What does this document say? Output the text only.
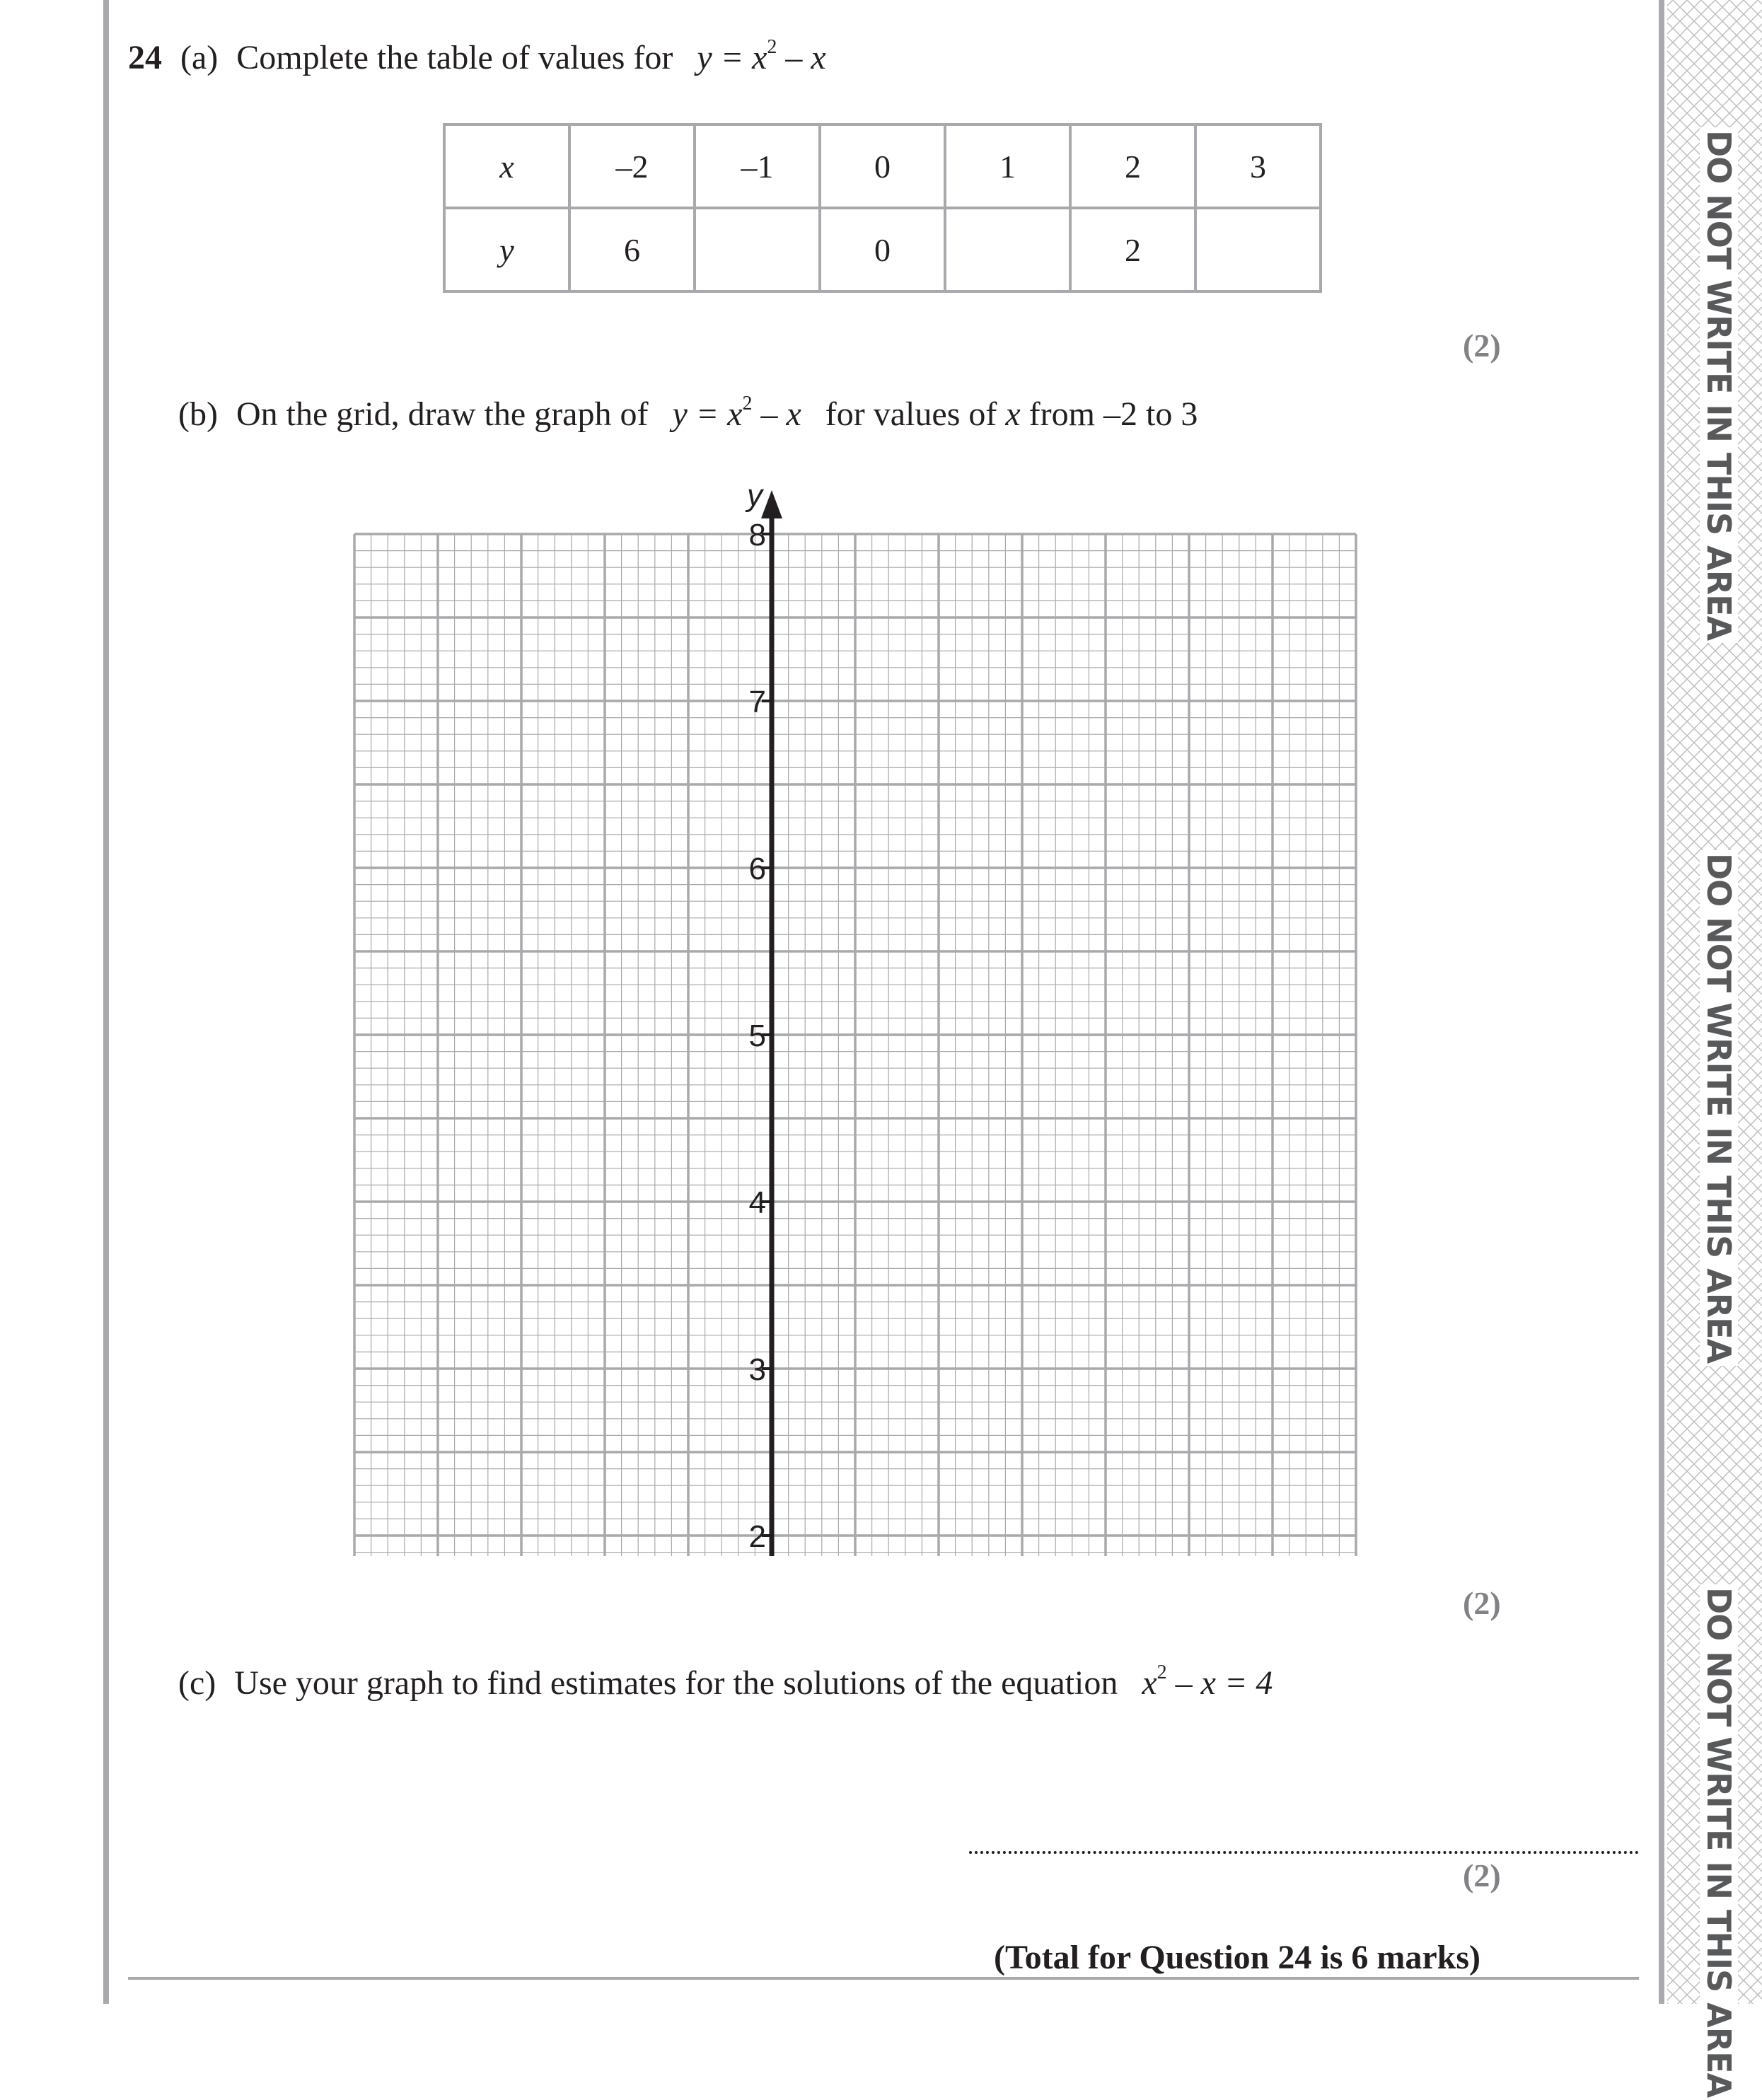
24 (a) Complete the table of values for $y = x^2 - x$
x	–2	–1	0	1	2	3
y	6		0		2	
(2)
(b) On the grid, draw the graph of $y = x^2 - x$ for values of x from –2 to 3
8
7
6
5
4
3
2
y
(2)
(c) Use your graph to find estimates for the solutions of the equation $x^2 - x = 4$
(2)
(Total for Question 24 is 6 marks)
DO NOT WRITE IN THIS AREA
DO NOT WRITE IN THIS AREA
DO NOT WRITE IN THIS AREA
